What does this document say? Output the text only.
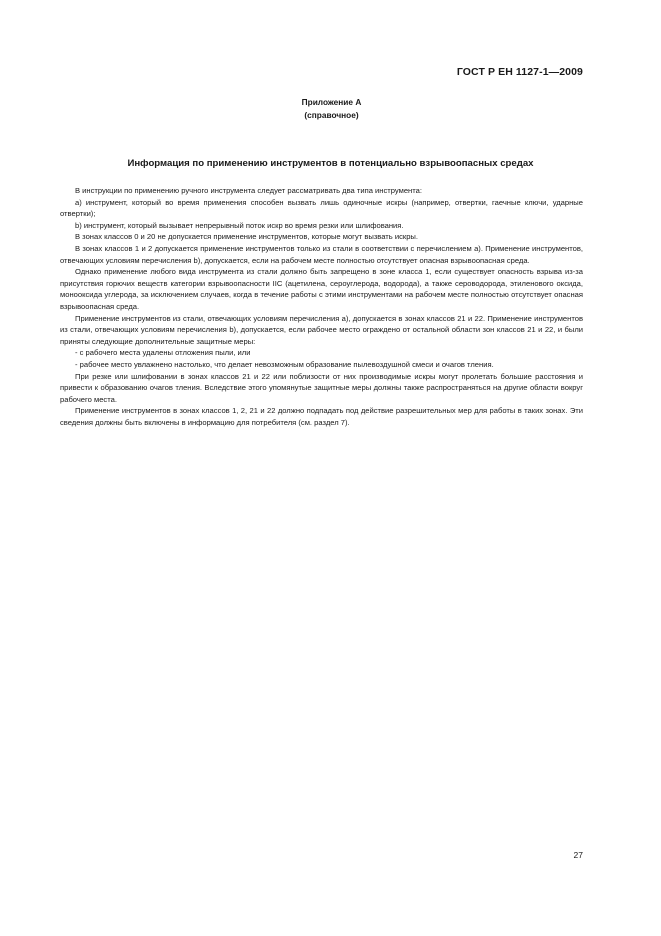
ГОСТ Р ЕН 1127-1—2009
Приложение А
(справочное)
Информация по применению инструментов в потенциально взрывоопасных средах

В инструкции по применению ручного инструмента следует рассматривать два типа инструмента:

а) инструмент, который во время применения способен вызвать лишь одиночные искры (например, отвертки, гаечные ключи, ударные отвертки);

b) инструмент, который вызывает непрерывный поток искр во время резки или шлифования.

В зонах классов 0 и 20 не допускается применение инструментов, которые могут вызвать искры.

В зонах классов 1 и 2 допускается применение инструментов только из стали в соответствии с перечислением а). Применение инструментов, отвечающих условиям перечисления b), допускается, если на рабочем месте полностью отсутствует опасная взрывоопасная среда.

Однако применение любого вида инструмента из стали должно быть запрещено в зоне класса 1, если существует опасность взрыва из-за присутствия горючих веществ категории взрывоопасности IIC (ацетилена, сероуглерода, водорода), а также сероводорода, этиленового оксида, монооксида углерода, за исключением случаев, когда в течение работы с этими инструментами на рабочем месте полностью отсутствует опасная взрывоопасная среда.

Применение инструментов из стали, отвечающих условиям перечисления а), допускается в зонах классов 21 и 22. Применение инструментов из стали, отвечающих условиям перечисления b), допускается, если рабочее место ограждено от остальной области зон классов 21 и 22, и были приняты следующие дополнительные защитные меры:

- с рабочего места удалены отложения пыли, или

- рабочее место увлажнено настолько, что делает невозможным образование пылевоздушной смеси и очагов тления.

При резке или шлифовании в зонах классов 21 и 22 или поблизости от них производимые искры могут пролетать большие расстояния и привести к образованию очагов тления. Вследствие этого упомянутые защитные меры должны также распространяться на другие области вокруг рабочего места.

Применение инструментов в зонах классов 1, 2, 21 и 22 должно подпадать под действие разрешительных мер для работы в таких зонах. Эти сведения должны быть включены в информацию для потребителя (см. раздел 7).

27
